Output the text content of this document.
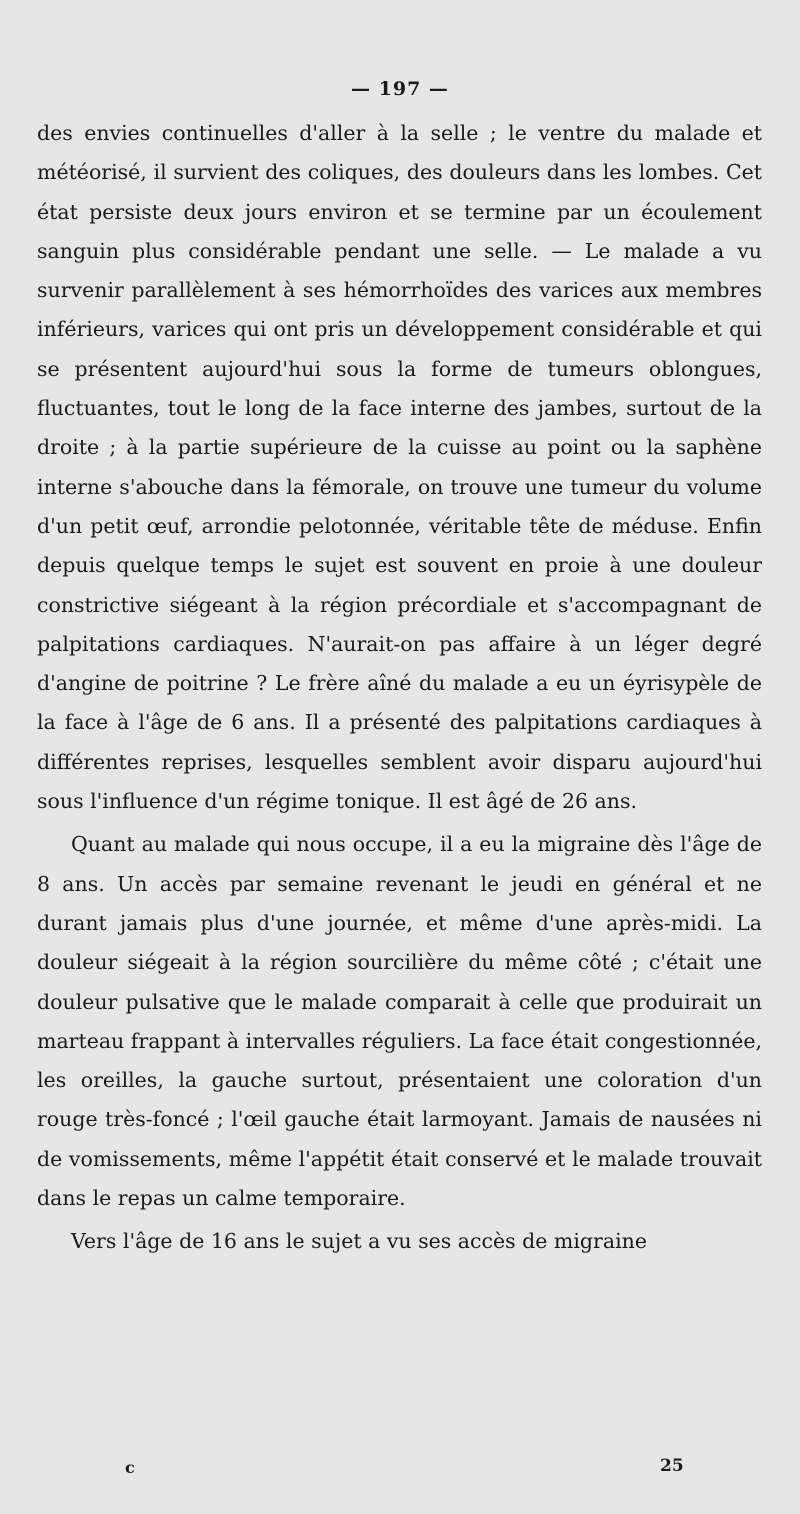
— 197 —

des envies continuelles d'aller à la selle ; le ventre du malade et météorisé, il survient des coliques, des douleurs dans les lombes. Cet état persiste deux jours environ et se termine par un écoulement sanguin plus considérable pendant une selle. — Le malade a vu survenir parallèlement à ses hémorrhoïdes des varices aux membres inférieurs, varices qui ont pris un développement considérable et qui se présentent aujourd'hui sous la forme de tumeurs oblongues, fluctuantes, tout le long de la face interne des jambes, surtout de la droite ; à la partie supérieure de la cuisse au point ou la saphène interne s'abouche dans la fémorale, on trouve une tumeur du volume d'un petit œuf, arrondie pelotonnée, véritable tête de méduse. Enfin depuis quelque temps le sujet est souvent en proie à une douleur constrictive siégeant à la région précordiale et s'accompagnant de palpitations cardiaques. N'aurait-on pas affaire à un léger degré d'angine de poitrine ? Le frère aîné du malade a eu un éyrisypèle de la face à l'âge de 6 ans. Il a présenté des palpitations cardiaques à différentes reprises, lesquelles semblent avoir disparu aujourd'hui sous l'influence d'un régime tonique. Il est âgé de 26 ans.

Quant au malade qui nous occupe, il a eu la migraine dès l'âge de 8 ans. Un accès par semaine revenant le jeudi en général et ne durant jamais plus d'une journée, et même d'une après-midi. La douleur siégeait à la région sourcilière du même côté ; c'était une douleur pulsative que le malade comparait à celle que produirait un marteau frappant à intervalles réguliers. La face était congestionnée, les oreilles, la gauche surtout, présentaient une coloration d'un rouge très-foncé ; l'œil gauche était larmoyant. Jamais de nausées ni de vomissements, même l'appétit était conservé et le malade trouvait dans le repas un calme temporaire.

Vers l'âge de 16 ans le sujet a vu ses accès de migraine

c	25
